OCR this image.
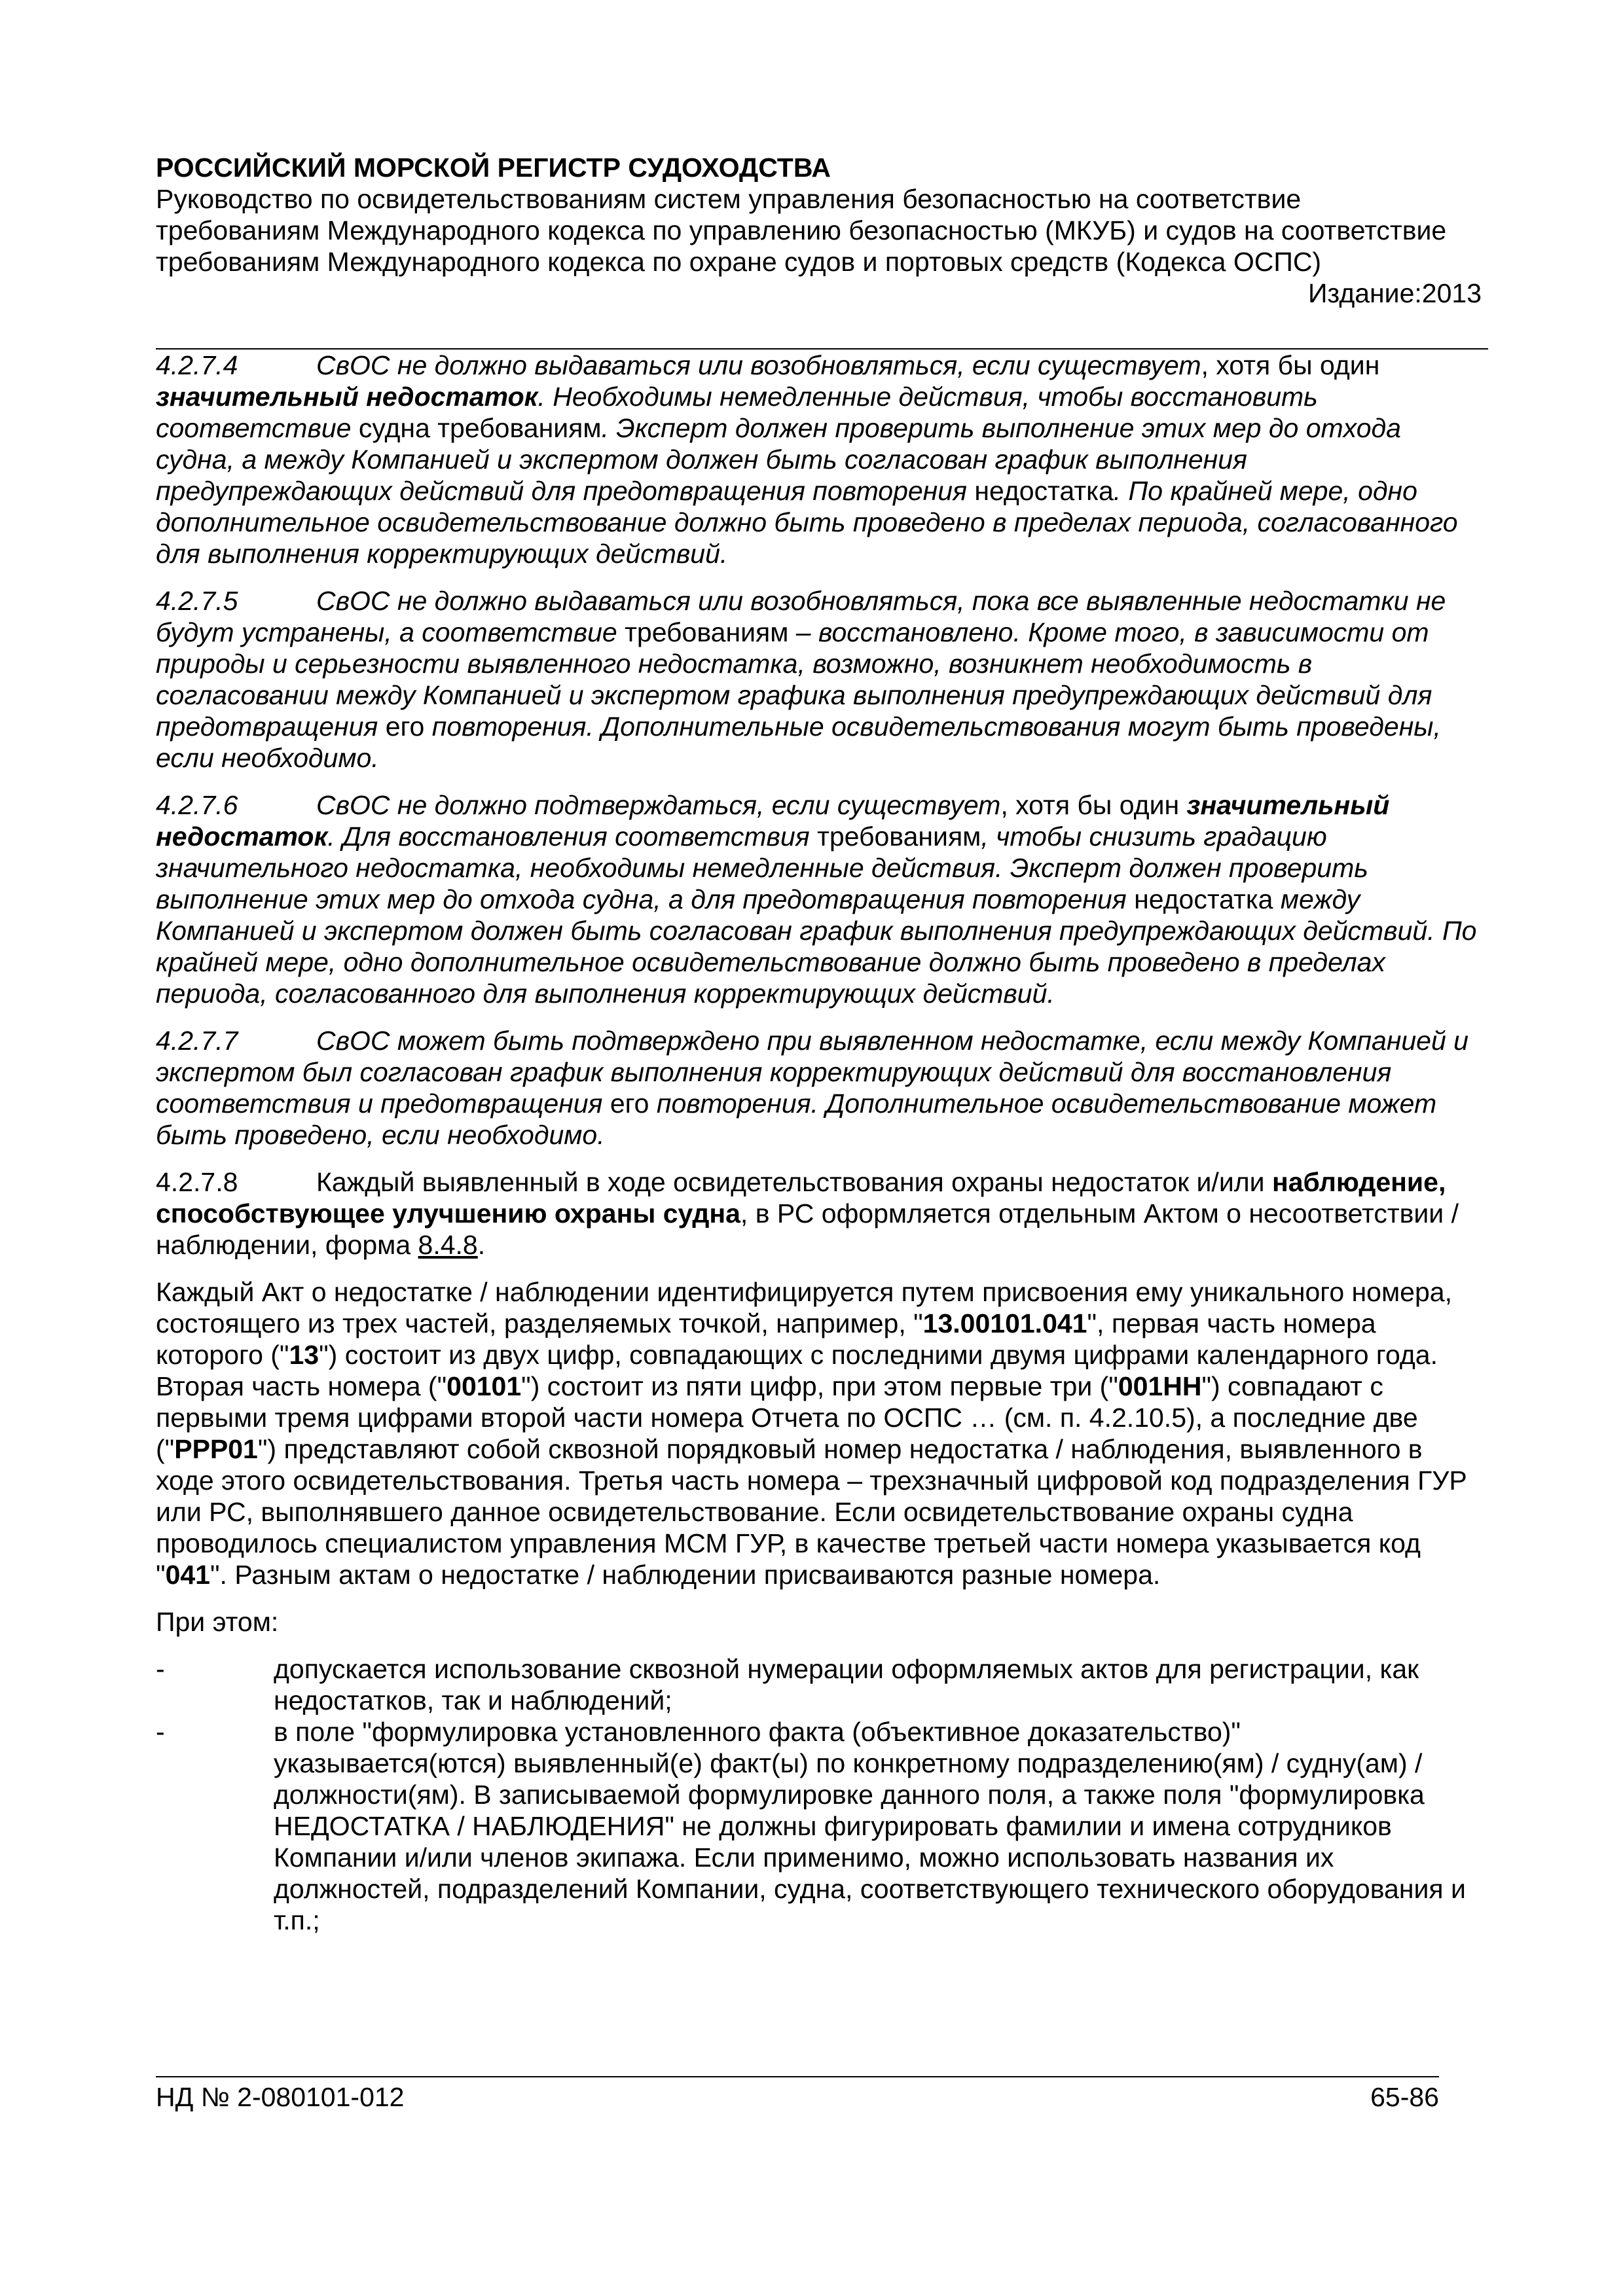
РОССИЙСКИЙ МОРСКОЙ РЕГИСТР СУДОХОДСТВА
Руководство по освидетельствованиям систем управления безопасностью на соответствие требованиям Международного кодекса по управлению безопасностью (МКУБ) и судов на соответствие требованиям Международного кодекса по охране судов и портовых средств (Кодекса ОСПС)
Издание:2013

4.2.7.4	СвОС не должно выдаваться или возобновляться, если существует, хотя бы один значительный недостаток. Необходимы немедленные действия, чтобы восстановить соответствие судна требованиям. Эксперт должен проверить выполнение этих мер до отхода судна, а между Компанией и экспертом должен быть согласован график выполнения предупреждающих действий для предотвращения повторения недостатка. По крайней мере, одно дополнительное освидетельствование должно быть проведено в пределах периода, согласованного для выполнения корректирующих действий.

4.2.7.5	СвОС не должно выдаваться или возобновляться, пока все выявленные недостатки не будут устранены, а соответствие требованиям – восстановлено. Кроме того, в зависимости от природы и серьезности выявленного недостатка, возможно, возникнет необходимость в согласовании между Компанией и экспертом графика выполнения предупреждающих действий для предотвращения его повторения. Дополнительные освидетельствования могут быть проведены, если необходимо.

4.2.7.6	СвОС не должно подтверждаться, если существует, хотя бы один значительный недостаток. Для восстановления соответствия требованиям, чтобы снизить градацию значительного недостатка, необходимы немедленные действия. Эксперт должен проверить выполнение этих мер до отхода судна, а для предотвращения повторения недостатка между Компанией и экспертом должен быть согласован график выполнения предупреждающих действий. По крайней мере, одно дополнительное освидетельствование должно быть проведено в пределах периода, согласованного для выполнения корректирующих действий.

4.2.7.7	СвОС может быть подтверждено при выявленном недостатке, если между Компанией и экспертом был согласован график выполнения корректирующих действий для восстановления соответствия и предотвращения его повторения. Дополнительное освидетельствование может быть проведено, если необходимо.

4.2.7.8	Каждый выявленный в ходе освидетельствования охраны недостаток и/или наблюдение, способствующее улучшению охраны судна, в РС оформляется отдельным Актом о несоответствии / наблюдении, форма 8.4.8.

Каждый Акт о недостатке / наблюдении идентифицируется путем присвоения ему уникального номера, состоящего из трех частей, разделяемых точкой, например, "13.00101.041", первая часть номера которого ("13") состоит из двух цифр, совпадающих с последними двумя цифрами календарного года. Вторая часть номера ("00101") состоит из пяти цифр, при этом первые три ("001НН") совпадают с первыми тремя цифрами второй части номера Отчета по ОСПС … (см. п. 4.2.10.5), а последние две ("РРР01") представляют собой сквозной порядковый номер недостатка / наблюдения, выявленного в ходе этого освидетельствования. Третья часть номера – трехзначный цифровой код подразделения ГУР или РС, выполнявшего данное освидетельствование. Если освидетельствование охраны судна проводилось специалистом управления МСМ ГУР, в качестве третьей части номера указывается код "041". Разным актам о недостатке / наблюдении присваиваются разные номера.

При этом:

-	допускается использование сквозной нумерации оформляемых актов для регистрации, как недостатков, так и наблюдений;

-	в поле "формулировка установленного факта (объективное доказательство)" указывается(ются) выявленный(е) факт(ы) по конкретному подразделению(ям) / судну(ам) / должности(ям). В записываемой формулировке данного поля, а также поля "формулировка НЕДОСТАТКА / НАБЛЮДЕНИЯ" не должны фигурировать фамилии и имена сотрудников Компании и/или членов экипажа. Если применимо, можно использовать названия их должностей, подразделений Компании, судна, соответствующего технического оборудования и т.п.;

НД № 2-080101-012	65-86
